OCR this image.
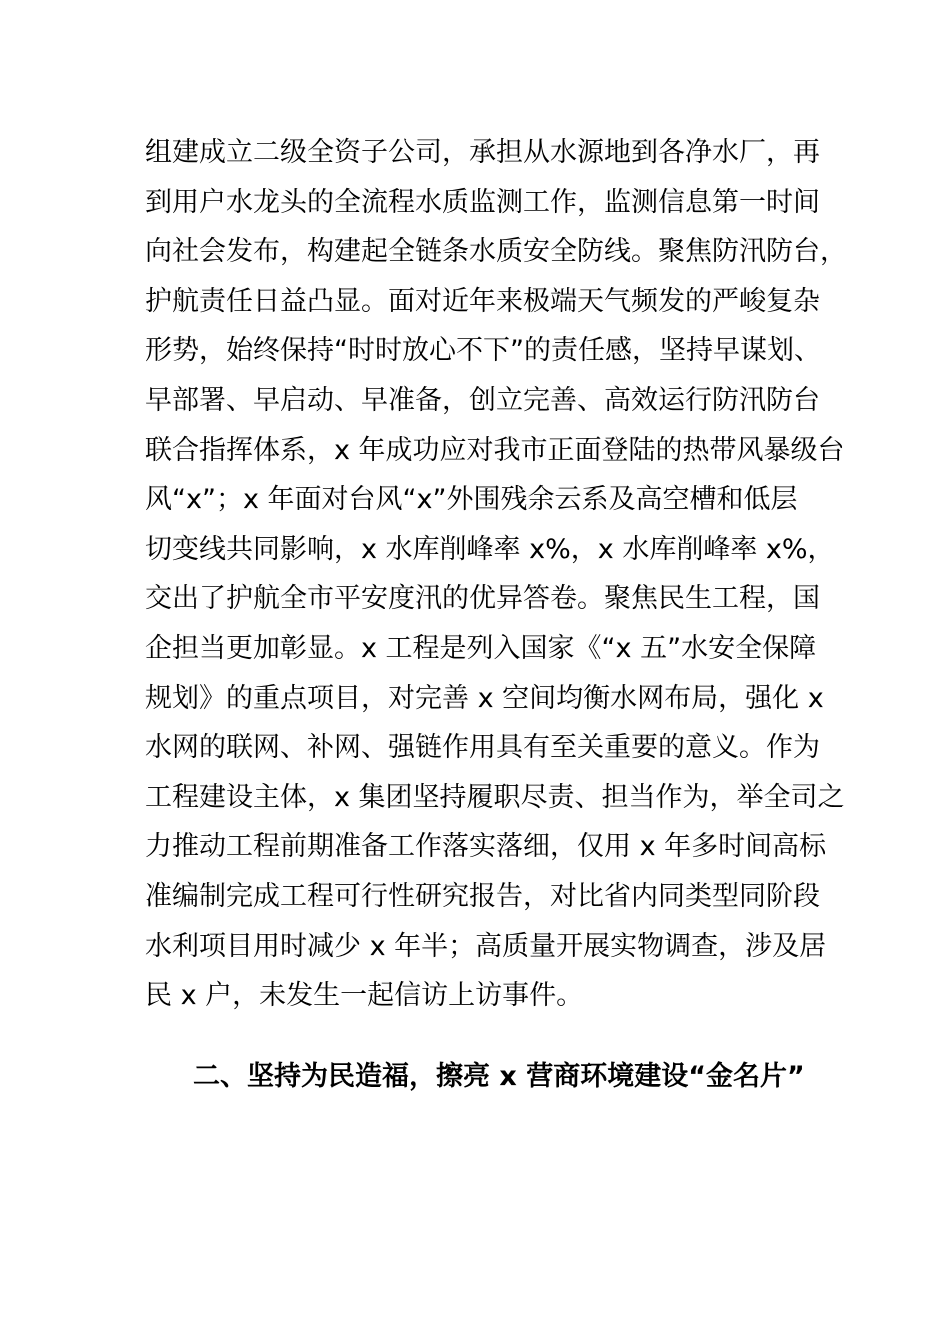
组建成立二级全资子公司，承担从水源地到各净水厂，再
到用户水龙头的全流程水质监测工作，监测信息第一时间
向社会发布，构建起全链条水质安全防线。聚焦防汛防台，
护航责任日益凸显。面对近年来极端天气频发的严峻复杂
形势，始终保持“时时放心不下”的责任感，坚持早谋划、
早部署、早启动、早准备，创立完善、高效运行防汛防台
联合指挥体系，x 年成功应对我市正面登陆的热带风暴级台
风“x”；x 年面对台风“x”外围残余云系及高空槽和低层
切变线共同影响，x 水库削峰率 x%，x 水库削峰率 x%，
交出了护航全市平安度汛的优异答卷。聚焦民生工程，国
企担当更加彰显。x 工程是列入国家《“x 五”水安全保障
规划》的重点项目，对完善 x 空间均衡水网布局，强化 x
水网的联网、补网、强链作用具有至关重要的意义。作为
工程建设主体，x 集团坚持履职尽责、担当作为，举全司之
力推动工程前期准备工作落实落细，仅用 x 年多时间高标
准编制完成工程可行性研究报告，对比省内同类型同阶段
水利项目用时减少 x 年半；高质量开展实物调查，涉及居
民 x 户，未发生一起信访上访事件。
二、坚持为民造福，擦亮 x 营商环境建设“金名片”
